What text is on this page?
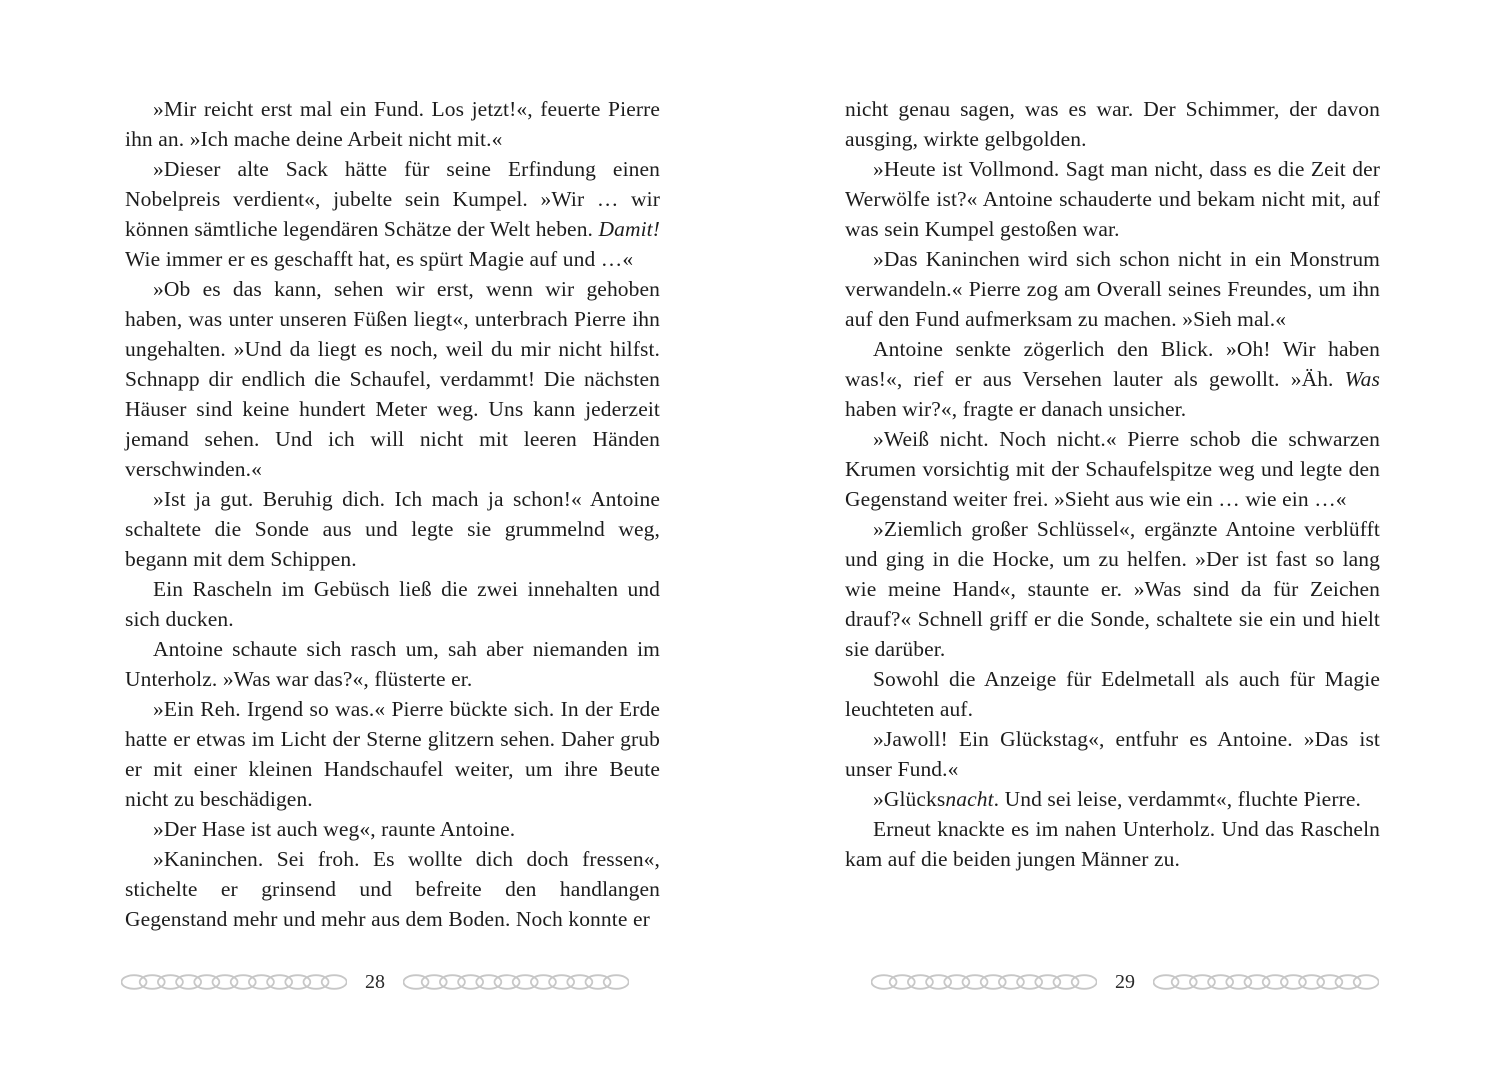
»Mir reicht erst mal ein Fund. Los jetzt!«, feuerte Pierre ihn an. »Ich mache deine Arbeit nicht mit.«

»Dieser alte Sack hätte für seine Erfindung einen Nobelpreis verdient«, jubelte sein Kumpel. »Wir … wir können sämtliche legendären Schätze der Welt heben. Damit! Wie immer er es geschafft hat, es spürt Magie auf und …«

»Ob es das kann, sehen wir erst, wenn wir gehoben haben, was unter unseren Füßen liegt«, unterbrach Pierre ihn ungehalten. »Und da liegt es noch, weil du mir nicht hilfst. Schnapp dir endlich die Schaufel, verdammt! Die nächsten Häuser sind keine hundert Meter weg. Uns kann jederzeit jemand sehen. Und ich will nicht mit leeren Händen verschwinden.«

»Ist ja gut. Beruhig dich. Ich mach ja schon!« Antoine schaltete die Sonde aus und legte sie grummelnd weg, begann mit dem Schippen.

Ein Rascheln im Gebüsch ließ die zwei innehalten und sich ducken.

Antoine schaute sich rasch um, sah aber niemanden im Unterholz. »Was war das?«, flüsterte er.

»Ein Reh. Irgend so was.« Pierre bückte sich. In der Erde hatte er etwas im Licht der Sterne glitzern sehen. Daher grub er mit einer kleinen Handschaufel weiter, um ihre Beute nicht zu beschädigen.

»Der Hase ist auch weg«, raunte Antoine.

»Kaninchen. Sei froh. Es wollte dich doch fressen«, stichelte er grinsend und befreite den handlangen Gegenstand mehr und mehr aus dem Boden. Noch konnte er

28

nicht genau sagen, was es war. Der Schimmer, der davon ausging, wirkte gelbgolden.

»Heute ist Vollmond. Sagt man nicht, dass es die Zeit der Werwölfe ist?« Antoine schauderte und bekam nicht mit, auf was sein Kumpel gestoßen war.

»Das Kaninchen wird sich schon nicht in ein Monstrum verwandeln.« Pierre zog am Overall seines Freundes, um ihn auf den Fund aufmerksam zu machen. »Sieh mal.«

Antoine senkte zögerlich den Blick. »Oh! Wir haben was!«, rief er aus Versehen lauter als gewollt. »Äh. Was haben wir?«, fragte er danach unsicher.

»Weiß nicht. Noch nicht.« Pierre schob die schwarzen Krumen vorsichtig mit der Schaufelspitze weg und legte den Gegenstand weiter frei. »Sieht aus wie ein … wie ein …«

»Ziemlich großer Schlüssel«, ergänzte Antoine verblüfft und ging in die Hocke, um zu helfen. »Der ist fast so lang wie meine Hand«, staunte er. »Was sind da für Zeichen drauf?« Schnell griff er die Sonde, schaltete sie ein und hielt sie darüber.

Sowohl die Anzeige für Edelmetall als auch für Magie leuchteten auf.

»Jawoll! Ein Glückstag«, entfuhr es Antoine. »Das ist unser Fund.«

»Glücksnacht. Und sei leise, verdammt«, fluchte Pierre.

Erneut knackte es im nahen Unterholz. Und das Rascheln kam auf die beiden jungen Männer zu.

29
